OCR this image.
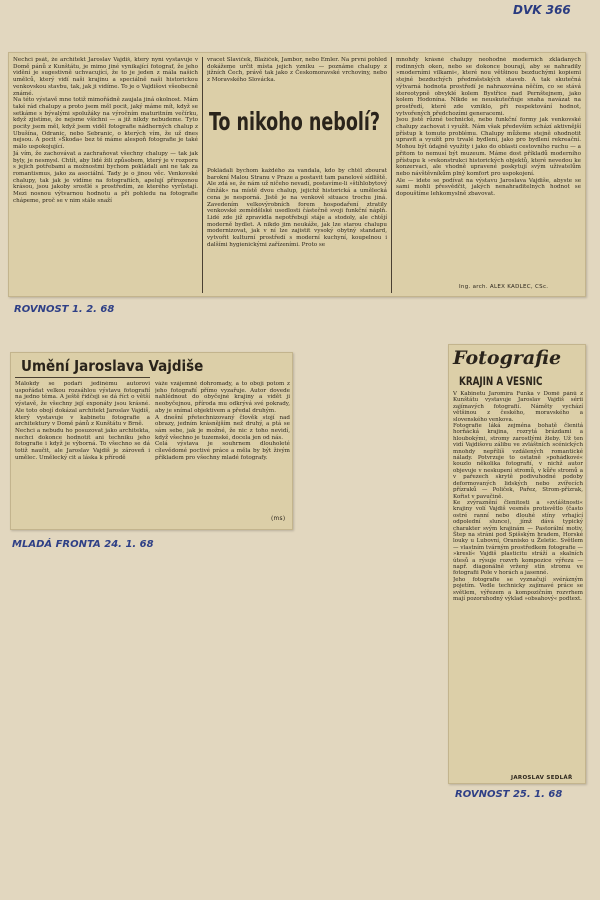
DVK 366
Nechci psát, že architekt Jaroslav Vajdiš, který nyní vystavuje v Domě pánů z Kunštátu, je mimo jiné vynikající fotograf, že jeho vidění je sugestivně uchvacující, že to je jeden z mála našich umělců, který vidí naši krajinu a speciálně naši historickou venkovskou stavbu, tak, jak ji vidíme. To je o Vajdišovi všeobecně známé.
Na této výstavě mne totiž mimořádně zaujala jiná okolnost. Mám také rád chalupy a proto jsem měl pocit, jaký máme mít, když se setkáme s bývalými spolužáky na výročním maturitním večírku, když zjistíme, že nejsme všichni — a již nikdy nebudeme. Tyto pocity jsem měl, když jsem viděl fotografie nádherných chalup z Ubušína, Odranic, nebo Sebranic, o kterých vím, že už dnes nejsou. A pocit »Škoda« bez té máme alespoň fotografie je také málo uspokojující.
Já vím, že zachovávat a zachraňovat všechny chalupy — tak jak byly, je nesmysl. Chtít, aby lidé žili způsobem, který je v rozporu s jejich potřebami a možnostmi bychom pokládali ani ne tak za romantismus, jako za asociální. Tady je o jinou věc. Venkovské chalupy, tak jak je vidíme na fotografiích, apelují přirozenou krásou, jsou jakoby srostlé s prostředím, ze kterého vyrůstají. Mezi nosnou výtvarnou hodnotu a při pohledu na fotografie chápeme, proč se v nim stále snaží
vracet Slavíček, Blažíček, Jambor, nebo Emler. Na první pohled dokážeme určit místa jejich vzniku — poznáme chalupy z jižních Čech, právě tak jako z Českomoravské vrchoviny, nebo z Moravského Slovácka.
To nikoho nebolí?
Pokládali bychom každého za vandala, kdo by chtěl zbourat barokní Malou Stranu v Praze a postavit tam panelové sídliště. Ale zdá se, že nám už ničeho nevadí, postavíme-li »štíhlobytový činžák« na místě dvou chalup, jejichž historická a umělecká cena je nesporná. Jistě je na venkově situace trochu jiná. Zavedením velkovýrobních forem hospodaření ztratily venkovské zemědělské usedlosti částečně svoji funkční náplň. Lidé zde již zpravidla nepotřebují stáje a stodoly, ale chtějí moderně bydlet. A nikdo jim neukáže, jak lze starou chalupu modernizovat, jak v ní lze zajistit vysoký obytný standard, vytvořit kulturní prostředí s moderní kuchyní, koupelnou i dalšími hygienickými zařízeními. Proto se
mnohdy krásné chalupy neohodné moderních zkládaných rodinných oken, nebo se dokonce bourají, aby se nahradily »moderními vilkami«, které nou většinou bezduchými kopiemi stejné bezduchých předměstských staveb. A tak skutečná výtvarná hodnota prostředí je nahrazována něčím, co se stává stereotypně obvyklé kolem Bystřice nad Pernštejnem, jako kolem Hodonína. Nikde se neuskutečňuje snaha navázat na prostředí, které zde vzniklo, při respektování hodnot, vytvořených předchozími generacemi.
Jsou jistě různé technické, nebo funkční formy jak venkovské chalupy zachovat i využít. Nám však především schází aktivnější přístup k tomuto problému. Chalupy můžeme stejně ohodnotit upravit a využít pro trvalé bydlení, jako pro bydlení rekreační. Mohou být údajně využity i jako do oblasti cestovního ruchu — a přitom to nemusí být muzeum. Máme dost příkladů moderního přístupu k »rekonstrukci historických objektů, které nevedou ke konzervaci, ale vhodně upravené poskytují svým uživatelům nebo návštěvníkům plný komfort pro uspokojení.
Ale — idete se podívat na výstavu Jaroslava Vajdiše, abyste se sami mohli přesvědčit, jakých nenahraditelných hodnot se dopouštíme lehkomyslně zbavovat.
Ing. arch. ALEX KADLEC, CSc.
ROVNOST 1. 2. 68
Umění Jaroslava Vajdiše
Málokdy se podaří jedinému autorovi uspořádat velkou rozsáhlou výstavu fotografií na jedno téma. A ještě řidčeji se dá říct o větší výstavě, že všechny její exponáty jsou krásné. Ale toto obojí dokázal architekt Jaroslav Vajdiš, který vystavuje v kabinetu fotografie a architektury v Domě pánů z Kunštátu v Brně.
Nechci a nebudu ho posuzovat jako architekta, nechci dokonce hodnotit ani techniku jeho fotografie i když je výborná. To všechno se dá totiž naučit, ale Jaroslav Vajdiš je zároveň i umělec. Umělecký cit a láska k přírodě
váže vzájemně dohromady, a to obojí potom z jeho fotografií přímo vyzařuje. Autor dovede nahlédnout do obyčejné krajiny a vidět ji neobyčejnou, příroda mu odkrývá své pokrady, aby je snímal objektivem a předal druhým.
A dnešní přetechnizovaný člověk stojí nad obrazy, jedním krásnějším než druhý, a ptá se sám sebe, jak je možné, že nic z toho nevidí, když všechno je tuzemské, docela jen od nás.
Celá výstava je souhrnem dlouholeté cílevědomé poctivé práce a měla by být živým příkladem pro všechny mladé fotografy.
(ms)
MLADÁ FRONTA 24. 1. 68
Fotografie
KRAJIN A VESNIC
V Kabinetu Jaromíra Funka v Domě pánů z Kunštátu vystavuje Jaroslav Vajdiš sérii zajímavých fotografií. Náměty vychází většinou z českého, moravského a slovenského venkova.
Fotografie láká zejména bohatě členitá horňácká krajina, rozrytá brázdami a hloubokými, stromy zarostlými žleby. Už ten vidí Vajdišovu zálibu ve zvláštních scénických mnohdy nepřílíš vzdálených romantické nálady. Potvrzuje to ostatně »pohádkové« kouzlo několika fotografií, v nichž autor objevuje v neskupení stromů, v kůře stromů a v pařezech skrytě podivuhodné podoby deformovaných lidských nebo zvířecích přízraků — Poliček, Pařez, Strom-přízrak, Kořist v pavučině.
Ke zvýraznění členitosti a »zvláštnosti« krajiny volí Vajdiš vesměs protisvětlo (často ostré ranní nebo dlouhé stíny vrhající odpolední slunce), jímž dává typický charakter svým krajinám — Pastorální motiv, Štep na stráni pod Spišským hradem, Horské louky u Lubovní, Oranisko u Želetic. Světlem — vlastním tvárným prostředkem fotografie — »kreslí« Vajdiš plasticitu stráží a skalních útesů a rýsuje rozvrh kompozice výřezu — např. diagonálně vržený stín stromu ve fotografii Pole v horách a jasenné.
Jeho fotografie se vyznačují svérázným pojetím. Vedle technicky zajímavé práce se světlem, výřezem a kompozičním rozvrhem mají pozoruhodný výklad »obsahový« podtext.
JAROSLAV SEDLÁŘ
ROVNOST 25. 1. 68
